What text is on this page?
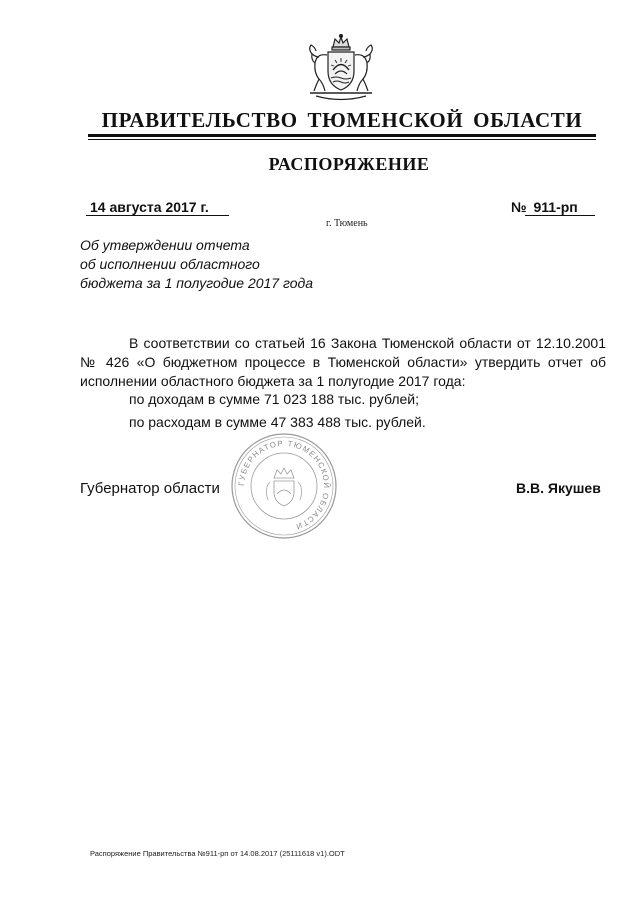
ПРАВИТЕЛЬСТВО ТЮМЕНСКОЙ ОБЛАСТИ
РАСПОРЯЖЕНИЕ
14 августа 2017 г.	№ 911-рп
г. Тюмень
Об утверждении отчета
об исполнении областного
бюджета за 1 полугодие 2017 года
В соответствии со статьей 16 Закона Тюменской области от 12.10.2001 № 426 «О бюджетном процессе в Тюменской области» утвердить отчет об исполнении областного бюджета за 1 полугодие 2017 года:
по доходам в сумме 71 023 188 тыс. рублей;
по расходам в сумме 47 383 488 тыс. рублей.
ГУБЕРНАТОР ТЮМЕНСКОЙ ОБЛАСТИ
Губернатор области	В.В. Якушев
Распоряжение Правительства №911-рп от 14.08.2017 (25111618 v1).ODT
